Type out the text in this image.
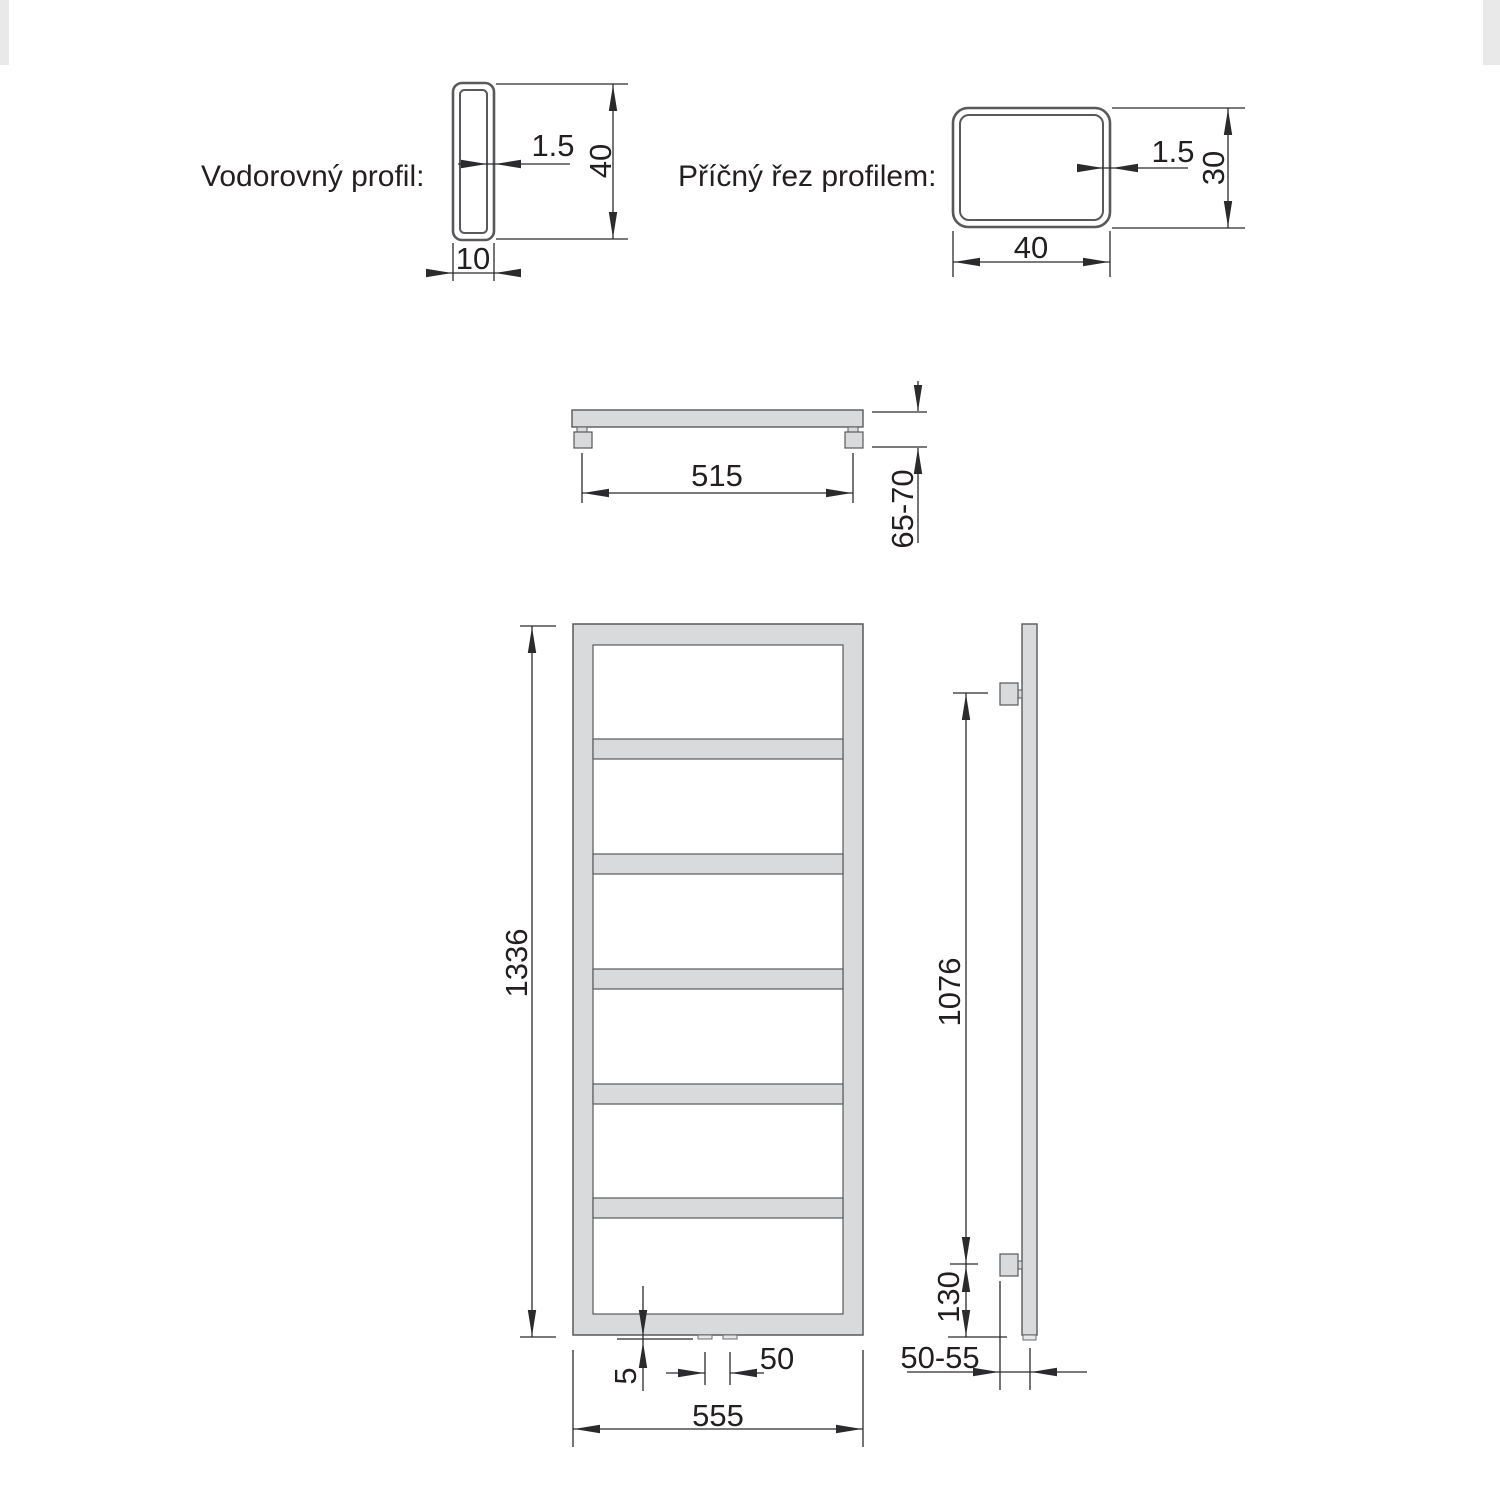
Vodorovný profil:
1.5 40
10
Příčný řez profilem:
1.5 30
40
515	65-70
1336
5	50
555
1076
130
50-55
